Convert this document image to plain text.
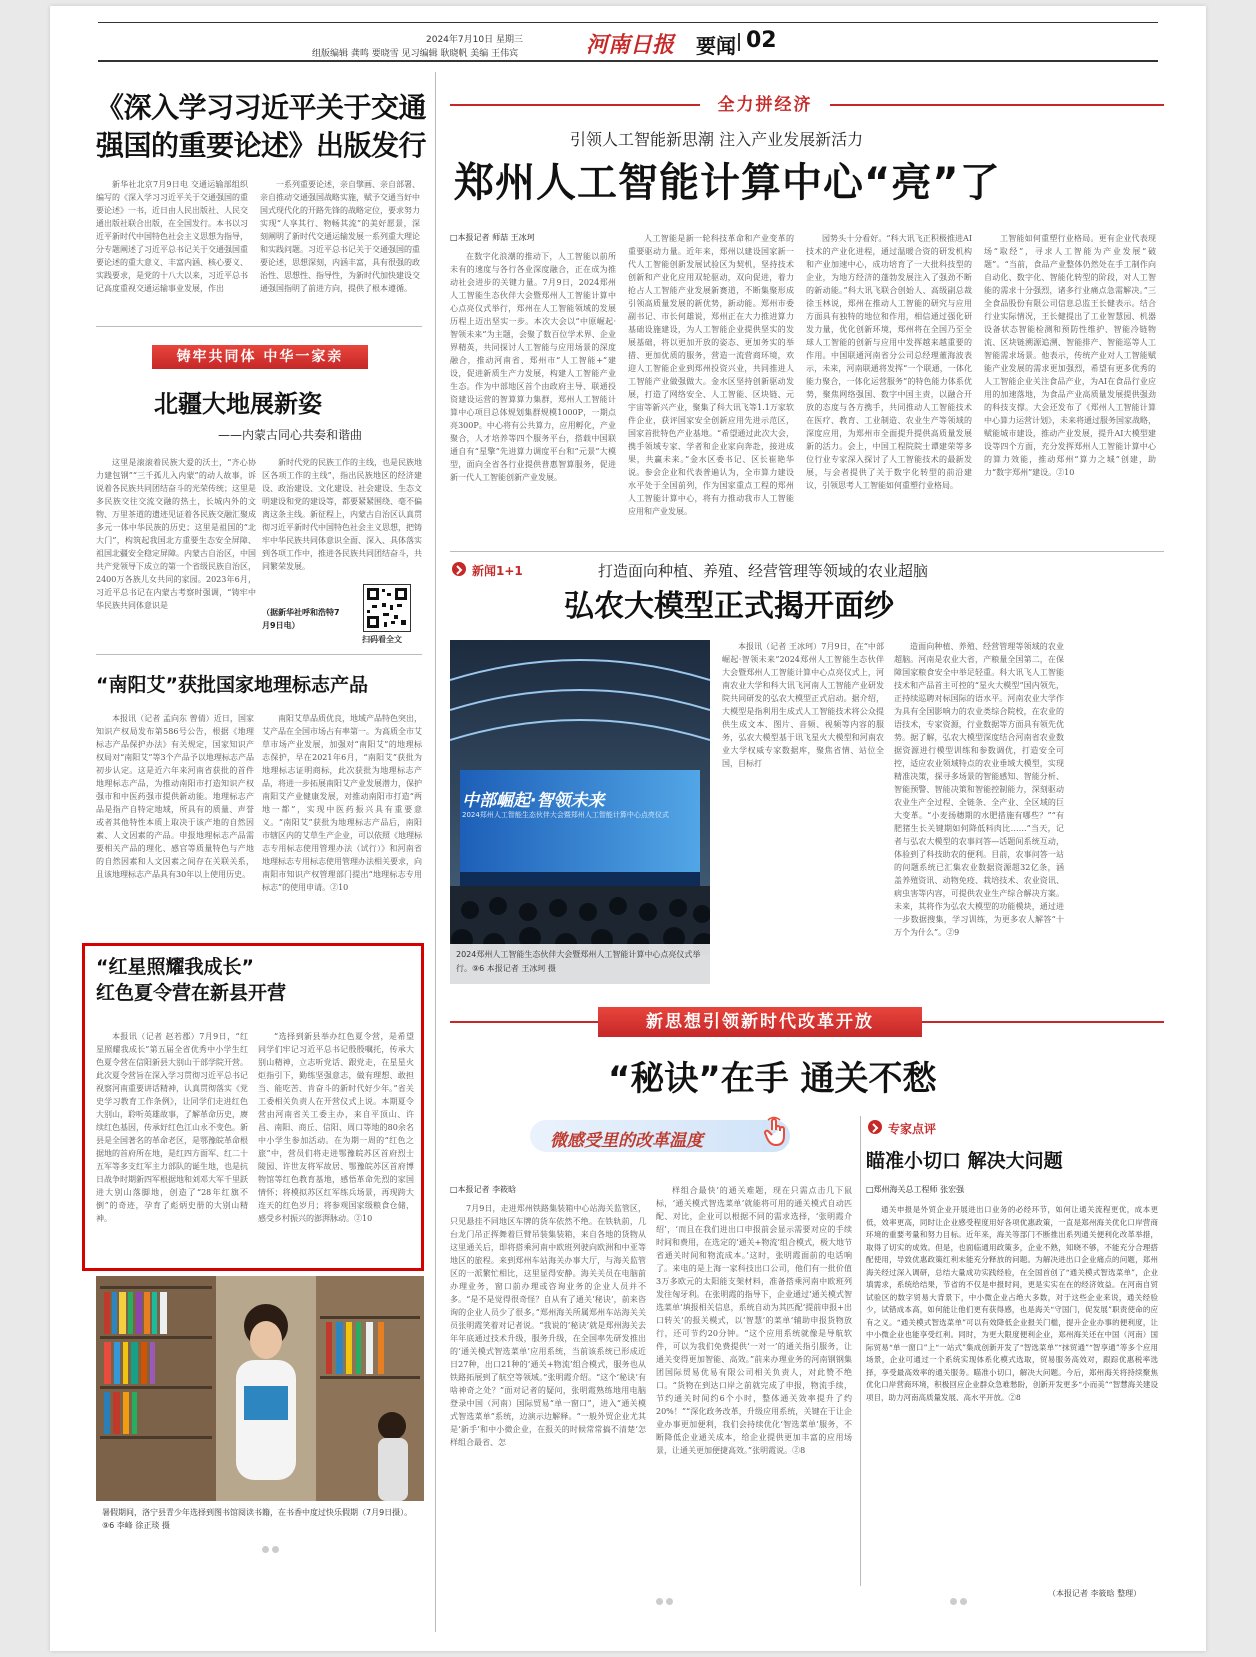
2024年7月10日 星期三
组版编辑 龚鸣 要晓雪 见习编辑 耿晓帆 美编 王伟宾	河南日报 要闻 02
《深入学习习近平关于交通
强国的重要论述》出版发行

新华社北京7月9日电 交通运输部组织编写的《深入学习习近平关于交通强国的重要论述》一书，近日由人民出版社、人民交通出版社联合出版，在全国发行。本书以习近平新时代中国特色社会主义思想为指导，分专题阐述了习近平总书记关于交通强国重要论述的重大意义、丰富内涵、核心要义、实践要求，是党的十八大以来，习近平总书记高度重视交通运输事业发展，作出

一系列重要论述，亲自擘画、亲自部署、亲自推动交通强国战略实施，赋予交通当好中国式现代化的开路先锋的战略定位，要求努力实现“人享其行、物畅其流”的美好愿景，深刻阐明了新时代交通运输发展一系列重大理论和实践问题。习近平总书记关于交通强国的重要论述，思想深刻，内涵丰富，具有很强的政治性、思想性、指导性，为新时代加快建设交通强国指明了前进方向，提供了根本遵循。

铸牢共同体 中华一家亲
北疆大地展新姿
——内蒙古同心共奏和谐曲

这里是滚滚着民族大爱的沃土，“齐心协力建包钢”“三千孤儿入内蒙”的动人故事，诉说着各民族共同团结奋斗的光荣传统；这里是多民族交往交流交融的热土，长城内外的文物、万里茶道的遗迹见证着各民族交融汇聚成多元一体中华民族的历史；这里是祖国的“北大门”，构筑起我国北方重要生态安全屏障、祖国北疆安全稳定屏障。内蒙古自治区，中国共产党领导下成立的第一个省级民族自治区，2400万各族儿女共同的家园。2023年6月，习近平总书记在内蒙古考察时强调，“铸牢中华民族共同体意识是

新时代党的民族工作的主线，也是民族地区各项工作的主线”，指出民族地区的经济建设、政治建设、文化建设、社会建设、生态文明建设和党的建设等，都要紧紧围绕、毫不偏离这条主线。新征程上，内蒙古自治区认真贯彻习近平新时代中国特色社会主义思想，把铸牢中华民族共同体意识全面、深入、具体落实到各项工作中，推进各民族共同团结奋斗，共同繁荣发展。

（据新华社呼和浩特7月9日电）
扫码看全文
“南阳艾”获批国家地理标志产品

本报讯（记者 孟向东 曾倩）近日，国家知识产权局发布第586号公告，根据《地理标志产品保护办法》有关规定，国家知识产权局对“南阳艾”等3个产品予以地理标志产品初步认定。这是近六年来河南省获批的首件地理标志产品，为推动南阳市打造知识产权强市和中医药强市提供新动能。地理标志产品是指产自特定地域，所具有的质量、声誉或者其他特性本质上取决于该产地的自然因素、人文因素的产品。申报地理标志产品需要相关产品的理化、感官等质量特色与产地的自然因素和人文因素之间存在关联关系，且该地理标志产品具有30年以上使用历史。

南阳艾草品质优良，地域产品特色突出，艾产品在全国市场占有率第一。为高质全市艾草市场产业发展，加强对“南阳艾”的地理标志保护，早在2021年6月，“南阳艾”获批为地理标志证明商标，此次获批为地理标志产品，将进一步拓展南阳艾产业发展潜力，保护南阳艾产业健康发展，对推动南阳市打造“两地一都”，实现中医药振兴具有重要意义。“南阳艾”获批为地理标志产品后，南阳市辖区内的艾草生产企业，可以依照《地理标志专用标志使用管理办法（试行）》和河南省地理标志专用标志使用管理办法相关要求，向南阳市知识产权管理部门提出“地理标志专用标志”的使用申请。②10

“红星照耀我成长”
红色夏令营在新县开营

本报讯（记者 赵若郡）7月9日，“红星照耀我成长”第五届全省优秀中小学生红色夏令营在信阳新县大别山干部学院开营。此次夏令营旨在深入学习贯彻习近平总书记视察河南重要讲话精神，认真贯彻落实《党史学习教育工作条例》，让同学们走进红色大别山，聆听英雄故事，了解革命历史，赓续红色基因，传承好红色江山永不变色。新县是全国著名的革命老区，是鄂豫皖革命根据地的首府所在地，是红四方面军、红二十五军等多支红军主力部队的诞生地，也是抗日战争时期新四军根据地和刘邓大军千里跃进大别山落脚地，创造了“28年红旗不倒”的奇迹，孕育了彪炳史册的大别山精神。

“选择到新县举办红色夏令营，是希望同学们牢记习近平总书记殷殷嘱托，传承大别山精神，立志听党话、跟党走，在星星火炬指引下，勤练坚强意志，做有理想、敢担当、能吃苦、肯奋斗的新时代好少年。”省关工委相关负责人在开营仪式上说。本期夏令营由河南省关工委主办，来自平顶山、许昌、南阳、商丘、信阳、周口等地的80余名中小学生参加活动。在为期一周的“红色之旅”中，营员们将走进鄂豫皖苏区首府烈士陵园、许世友将军故居、鄂豫皖苏区首府博物馆等红色教育基地，感悟革命先烈的家国情怀；将模拟苏区红军练兵场景，再现跨大连天的红色岁月；将参观国家级粮食仓储，感受乡村振兴的澎湃脉动。②10

暑假期间，洛宁县青少年选择到图书馆阅读书籍，在书香中度过快乐假期（7月9日摄）。⑨6 李峰 徐正琰 摄
全力拼经济
引领人工智能新思潮 注入产业发展新活力
郑州人工智能计算中心“亮”了
□本报记者 师喆 王冰珂

在数字化浪潮的推动下，人工智能以前所未有的速度与各行各业深度融合，正在成为推动社会进步的关键力量。7月9日，2024郑州人工智能生态伙伴大会暨郑州人工智能计算中心点亮仪式举行，郑州在人工智能领域的发展历程上迈出坚实一步。本次大会以“中原崛起·智领未来”为主题，会聚了数百位学术界、企业界精英，共同探讨人工智能与应用场景的深度融合，推动河南省、郑州市“人工智能+”建设，促进新质生产力发展，构建人工智能产业生态。作为中部地区首个由政府主导、联通投资建设运营的智算算力集群，郑州人工智能计算中心项目总体规划集群规模1000P，一期点亮300P。中心将有公共算力，应用孵化，产业聚合，人才培养等四个服务平台，搭载中国联通自有“星擎”先进算力调度平台和“元景”大模型，面向全省各行业提供普惠智算服务，促进新一代人工智能创新产业发展。

人工智能是新一轮科技革命和产业变革的重要驱动力量。近年来，郑州以建设国家新一代人工智能创新发展试验区为契机，坚持技术创新和产业化应用双轮驱动，双向促进，着力抢占人工智能产业发展新赛道，不断集聚形成引领高质量发展的新优势，新动能。郑州市委副书记、市长何雄说，郑州正在大力推进算力基础设施建设，为人工智能企业提供坚实的发展基础，将以更加开放的姿态、更加务实的举措、更加优质的服务，营造一流营商环境，欢迎人工智能企业到郑州投资兴业，共同推进人工智能产业做强做大。金水区坚持创新驱动发展，打造了网络安全、人工智能、区块链、元宇宙等新兴产业，聚集了科大讯飞等1.1万家软件企业，获评国家安全创新应用先进示范区，国家首批特色产业基地。“希望通过此次大会，携手领域专家、学者和企业家向奔赴，接进成果，共赢未来。”金水区委书记、区长崔艳华说。参会企业和代表普遍认为，全市算力建设水平处于全国前列，作为国家重点工程的郑州人工智能计算中心，将有力推动我市人工智能应用和产业发展。

园势头十分看好。“科大讯飞正积极推进AI技术的产业化进程，通过温暖合资的研发机构和产业加速中心，成功培育了一大批科技型的企业，为地方经济的蓬勃发展注入了强劲不断的新动能。”科大讯飞联合创始人、高级副总裁徐玉林说，郑州在推动人工智能的研究与应用方面具有独特的地位和作用，相信通过强化研发力量，优化创新环境，郑州将在全国乃至全球人工智能的创新与应用中发挥越来越重要的作用。中国联通河南省分公司总经理董海波表示，未来，河南联通将发挥“一个联通，一体化能力聚合，一体化运营服务”的特色能力体系优势，聚焦网络强国、数字中国主责，以融合开放的态度与各方携手，共同推动人工智能技术在医疗、教育、工业制造、农业生产等领域的深度应用，为郑州市全面提升提供高质量发展新的活力。会上，中国工程院院士谭建荣等多位行业专家深入探讨了人工智能技术的最新发展，与会者提供了关于数字化转型的前沿建议，引领思考人工智能如何重塑行业格局。

工智能如何重塑行业格局。更有企业代表现场“取经”，寻求人工智能为产业发展“破题”。“当前，食品产业整体仍然处在手工制作向自动化、数字化、智能化转型的阶段，对人工智能的需求十分强烈，诸多行业痛点急需解决。”三全食品股份有限公司信息总监王长健表示。结合行业实际情况，王长健提出了工业智慧园、机器设备状态智能检测和预防性维护、智能冷链物流、区块链溯源追溯、智能排产、智能巡等人工智能需求场景。他表示，传统产业对人工智能赋能产业发展的需求更加强烈，希望有更多优秀的人工智能企业关注食品产业，为AI在食品行业应用的加速落地，为食品产业高质量发展提供强劲的科技支撑。大会还发布了《郑州人工智能计算中心算力运营计划》，未来将通过服务国家战略，赋能城市建设，推动产业发展，提升AI大模型建设等四个方面，充分发挥郑州人工智能计算中心的算力效能，推动郑州“算力之城”创建，助力“数字郑州”建设。②10

新闻1+1	打造面向种植、养殖、经营管理等领域的农业超脑
弘农大模型正式揭开面纱
中部崛起·智领未来
2024郑州人工智能生态伙伴大会暨郑州人工智能计算中心点亮仪式
2024郑州人工智能生态伙伴大会暨郑州人工智能计算中心点亮仪式举行。⑨6 本报记者 王冰珂 摄

本报讯（记者 王冰珂）7月9日，在“中部崛起·智领未来”2024郑州人工智能生态伙伴大会暨郑州人工智能计算中心点亮仪式上，河南农业大学和科大讯飞河南人工智能产业研发院共同研发的弘农大模型正式启动。据介绍，大模型是指利用生成式人工智能技术将公众提供生成文本、图片、音频、视频等内容的服务，弘农大模型基于讯飞星火大模型和河南农业大学权威专家数据库，聚焦省情、站位全国，目标打

造面向种植、养殖、经营管理等领域的农业超脑。河南是农业大省，产粮量全国第二，在保障国家粮食安全中举足轻重。科大讯飞人工智能技术和产品首主可控的“星火大模型”国内领先，正持续巡聘对标国际的语水平。河南农业大学作为具有全国影响力的农业类综合院校，在农业的语技术，专家资源，行业数据等方面具有领先优势。据了解，弘农大模型深度结合河南省农业数据资源进行模型训练和参数调优，打造安全可控，适应农业领域特点的农业垂域大模型，实现精准决策，探寻多场景的智能感知、智能分析、智能预警、智能决策和智能控制能力，深刻驱动农业生产全过程、全链条、全产业、全区域的巨大变革。“小麦扬穗期的水肥措施有哪些？”“有肥猪生长关键期如何降低料肉比……”当天，记者与弘农大模型的农事问答—话题间系统互动，体验到了科技助农的便利。目前，农事问答一站的问题系统已汇集农业数据资源超32亿条，涵盖养殖资讯、动物免疫、栽培技术、农业资讯、病虫害等内容，可提供农业生产综合解决方案。未来，其将作为弘农大模型的功能模块，通过进一步数据搜集，学习训练，为更多农人解答“十万个为什么”。②9

新思想引领新时代改革开放
“秘诀”在手 通关不愁
微感受里的改革温度
□本报记者 李筱晗

7月9日，走进郑州铁路集装箱中心站海关监管区，只见悬挂不同地区车牌的货车依然不绝。在铁轨前，几台龙门吊正挥舞着巨臂吊装集装箱，来自各地的货物从这里通关后，即将搭乘河南中欧班列驶向欧洲和中亚等地区的旅程。来到郑州车站海关办事大厅，与海关监管区的一派繁忙相比，这里显得安静。海关关员在电脑前办理业务，窗口前办理或咨询业务的企业人员并不多。“是不是觉得很奇怪？自从有了通关‘秘诀’，前来咨询的企业人员少了很多。”郑州海关所属郑州车站海关关员张明霞笑着对记者说。“我说的‘秘诀’就是郑州海关去年年底通过技术升级，服务升级，在全国率先研发推出的‘通关模式智选菜单’应用系统，当前该系统已形成近日27种，出口21种的‘通关+物流’组合模式，服务也从铁路拓展到了航空等领域。”张明霞介绍。“这个‘秘诀’有啥神奇之处？”面对记者的疑问，张明霞熟练地用电脑登录中国（河南）国际贸易“单一窗口”，进入“通关模式智选菜单”系统，边演示边解释。“一般外贸企业尤其是‘新手’和中小微企业，在报关的时候常常搞不清楚‘怎样组合最省、怎

样组合最快’的通关难题，现在只需点击几下鼠标，‘通关模式智选菜单’就能将可用的通关模式自动匹配、对比，企业可以根据不同的需求选择，‘张明霞介绍’，‘而且在我们进出口申报前会显示需要对应的手续时间和费用，在选定的‘通关+物流’组合模式，极大地节省通关时间和物流成本。’这时，张明霞面前的电话响了。来电的是上海一家科技出口公司，他们有一批价值3万多欧元的太阳能支架材料，准备搭乘河南中欧班列发往匈牙利。在张明霞的指导下，企业通过‘通关模式智选菜单’填报相关信息，系统自动为其匹配‘提前申报+出口转关’的报关模式，以‘智慧’的菜单‘辅助申报货物放行，还可节约20分钟。“这个应用系统就像是导航软件，可以为我们免费提供‘一对一’的通关指引服务，让通关变得更加智能、高效。”前来办理业务的河南钢钢集团国际贸易优易有限公司相关负责人，对此赞不绝口。“货物在到达口岸之前就完成了申报，物流手续，节约通关时间约6个小时，整体通关效率提升了约20%！”“深化政务改革，升级应用系统，关键在于让企业办事更加便利，我们会持续优化‘智选菜单’服务，不断降低企业通关成本，给企业提供更加丰富的应用场景，让通关更加便捷高效。”张明霞说。②8

专家点评
瞄准小切口 解决大问题
□郑州海关总工程师 张宏强

通关申报是外贸企业开展进出口业务的必经环节，如何让通关流程更优，成本更低，效率更高，同时让企业感受程度用好各项优惠政策，一直是郑州海关优化口岸营商环境的重要考量和努力目标。近年来，海关等部门不断推出系列通关便利化改革举措，取得了切实的成效。但是，也面临通用政策多，企业不熟，知晓不够，不能充分合理搭配使用，导致优惠政策红利未能充分释放的问题。为解决进出口企业痛点的问题，郑州海关经过深入调研，总结大量成功实践经验，在全国首创了“通关模式智选菜单”，企业填需求，系统给结果，节省的不仅是申报时间，更是实实在在的经济效益。在河南自贸试验区的数字贸易大背景下，中小微企业占绝大多数，对于这些企业来说，通关经验少，试错成本高，如何能让他们更有获得感，也是海关“守国门，促发展”职责使命的应有之义。“通关模式智选菜单”可以有效降低企业报关门槛，提升企业办事的便利度，让中小微企业也能享受红利。同时，为更大限度便利企业，郑州海关还在中国（河南）国际贸易“单一窗口”上“一站式”集成创新开发了“智选菜单”“抹贸通”“智享通”等多个应用场景，企业可通过一个系统实现体系化模式选取，贸易服务高效对，跟踪优惠税率选择，享受最高效率的通关服务。瞄准小切口，解决大问题。今后，郑州海关将持续聚焦优化口岸营商环境，积极回应企业群众急难愁盼，创新开发更多“小而美”“智慧海关建设项目，助力河南高质量发展、高水平开放。②8

（本报记者 李筱晗 整理）
